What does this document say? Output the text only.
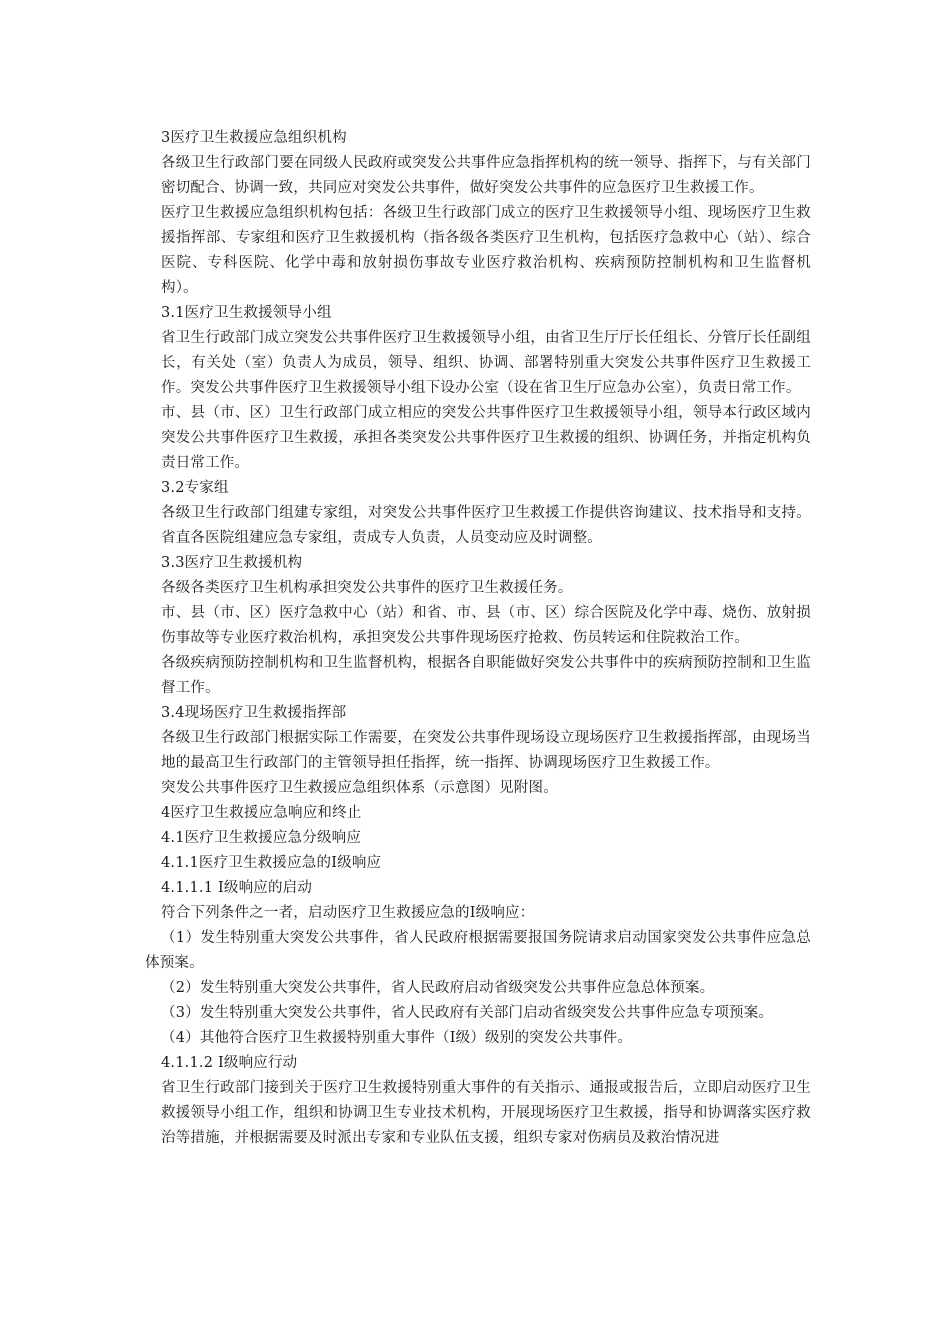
3医疗卫生救援应急组织机构

各级卫生行政部门要在同级人民政府或突发公共事件应急指挥机构的统一领导、指挥下，与有关部门密切配合、协调一致，共同应对突发公共事件，做好突发公共事件的应急医疗卫生救援工作。

医疗卫生救援应急组织机构包括：各级卫生行政部门成立的医疗卫生救援领导小组、现场医疗卫生救援指挥部、专家组和医疗卫生救援机构（指各级各类医疗卫生机构，包括医疗急救中心（站）、综合医院、专科医院、化学中毒和放射损伤事故专业医疗救治机构、疾病预防控制机构和卫生监督机构）。

3.1医疗卫生救援领导小组

省卫生行政部门成立突发公共事件医疗卫生救援领导小组，由省卫生厅厅长任组长、分管厅长任副组长，有关处（室）负责人为成员，领导、组织、协调、部署特别重大突发公共事件医疗卫生救援工作。突发公共事件医疗卫生救援领导小组下设办公室（设在省卫生厅应急办公室），负责日常工作。

市、县（市、区）卫生行政部门成立相应的突发公共事件医疗卫生救援领导小组，领导本行政区域内突发公共事件医疗卫生救援，承担各类突发公共事件医疗卫生救援的组织、协调任务，并指定机构负责日常工作。

3.2专家组

各级卫生行政部门组建专家组，对突发公共事件医疗卫生救援工作提供咨询建议、技术指导和支持。省直各医院组建应急专家组，责成专人负责，人员变动应及时调整。

3.3医疗卫生救援机构

各级各类医疗卫生机构承担突发公共事件的医疗卫生救援任务。

市、县（市、区）医疗急救中心（站）和省、市、县（市、区）综合医院及化学中毒、烧伤、放射损伤事故等专业医疗救治机构，承担突发公共事件现场医疗抢救、伤员转运和住院救治工作。

各级疾病预防控制机构和卫生监督机构，根据各自职能做好突发公共事件中的疾病预防控制和卫生监督工作。

3.4现场医疗卫生救援指挥部

各级卫生行政部门根据实际工作需要，在突发公共事件现场设立现场医疗卫生救援指挥部，由现场当地的最高卫生行政部门的主管领导担任指挥，统一指挥、协调现场医疗卫生救援工作。

突发公共事件医疗卫生救援应急组织体系（示意图）见附图。

4医疗卫生救援应急响应和终止

4.1医疗卫生救援应急分级响应

4.1.1医疗卫生救援应急的Ⅰ级响应

4.1.1.1 Ⅰ级响应的启动

符合下列条件之一者，启动医疗卫生救援应急的Ⅰ级响应：

（1）发生特别重大突发公共事件，省人民政府根据需要报国务院请求启动国家突发公共事件应急总体预案。

（2）发生特别重大突发公共事件，省人民政府启动省级突发公共事件应急总体预案。

（3）发生特别重大突发公共事件，省人民政府有关部门启动省级突发公共事件应急专项预案。

（4）其他符合医疗卫生救援特别重大事件（Ⅰ级）级别的突发公共事件。

4.1.1.2 Ⅰ级响应行动

省卫生行政部门接到关于医疗卫生救援特别重大事件的有关指示、通报或报告后，立即启动医疗卫生救援领导小组工作，组织和协调卫生专业技术机构，开展现场医疗卫生救援，指导和协调落实医疗救治等措施，并根据需要及时派出专家和专业队伍支援，组织专家对伤病员及救治情况进
